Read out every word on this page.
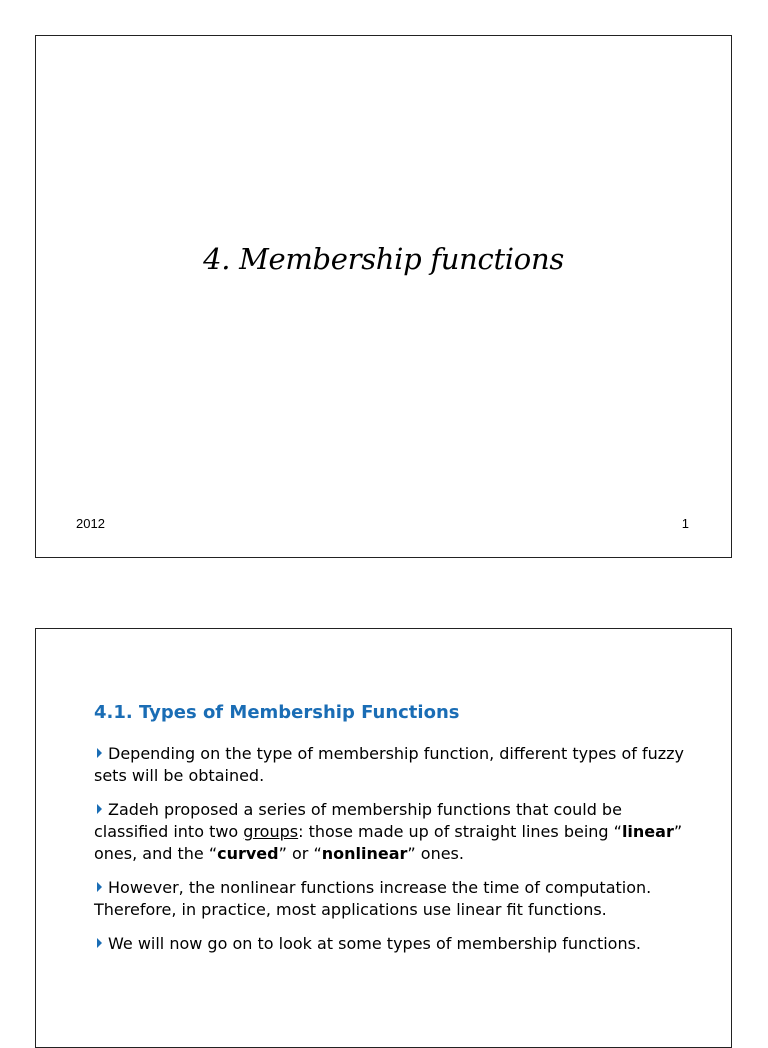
4. Membership functions
2012	1
4.1. Types of Membership Functions
Depending on the type of membership function, different types of fuzzy sets will be obtained.
Zadeh proposed a series of membership functions that could be classified into two groups: those made up of straight lines being “linear” ones, and the “curved” or “nonlinear” ones.
However, the nonlinear functions increase the time of computation. Therefore, in practice, most applications use linear fit functions.
We will now go on to look at some types of membership functions.
